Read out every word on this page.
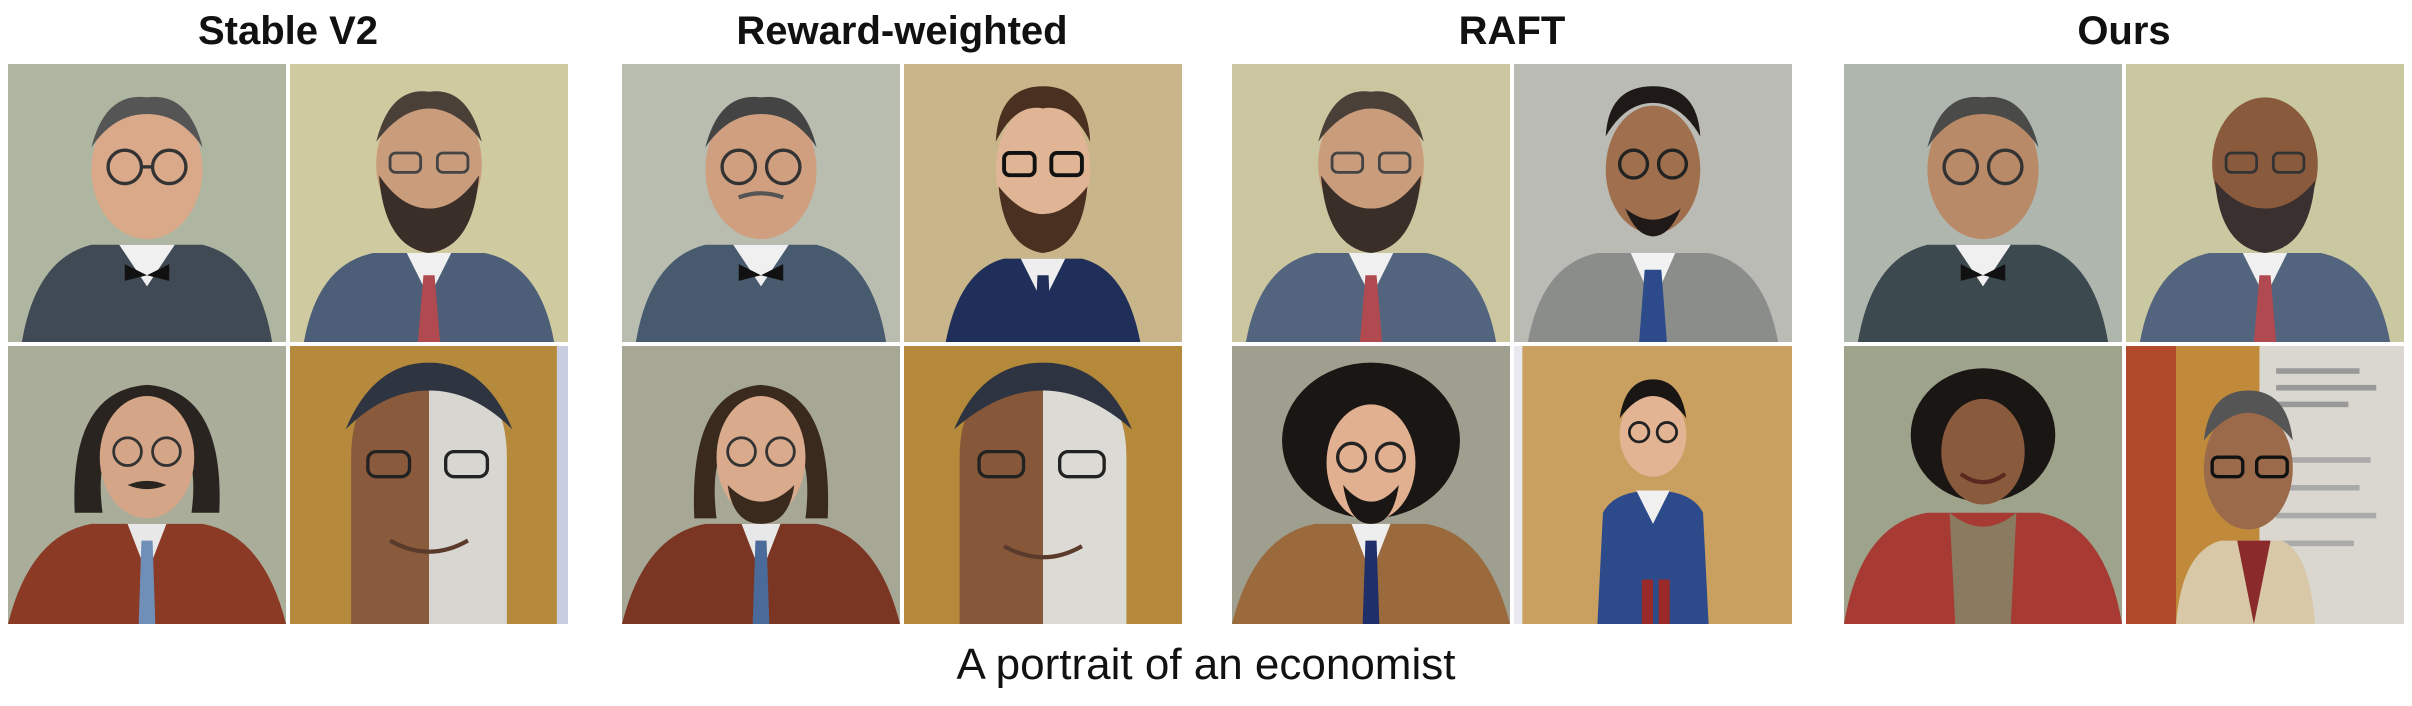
Stable V2	Reward-weighted	RAFT	Ours
A portrait of an economist
